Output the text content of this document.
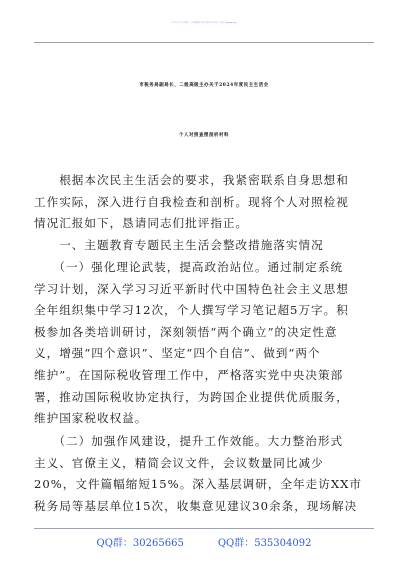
关注头条号"公文研究"，获得最新最全最专业的公文资料库！ 微信：gongwenyj
市税务局副局长、二级高级主办关于2024年度民主生活会
个人对照查摆剖析材料
　　根据本次民主生活会的要求，我紧密联系自身思想和
工作实际，深入进行自我检查和剖析。现将个人对照检视
情况汇报如下，恳请同志们批评指正。
　　一、主题教育专题民主生活会整改措施落实情况
　　（一）强化理论武装，提高政治站位。通过制定系统
学习计划，深入学习习近平新时代中国特色社会主义思想
全年组织集中学习12次，个人撰写学习笔记超5万字。积
极参加各类培训研讨，深刻领悟“两个确立”的决定性意
义，增强“四个意识”、坚定“四个自信”、做到“两个
维护”。在国际税收管理工作中，严格落实党中央决策部
署，推动国际税收协定执行，为跨国企业提供优质服务，
维护国家税收权益。
　　（二）加强作风建设，提升工作效能。大力整治形式
主义、官僚主义，精简会议文件，会议数量同比减少
20%，文件篇幅缩短15%。深入基层调研，全年走访XX市
税务局等基层单位15次，收集意见建议30余条，现场解决
QQ群：30265665	QQ群：535304092
